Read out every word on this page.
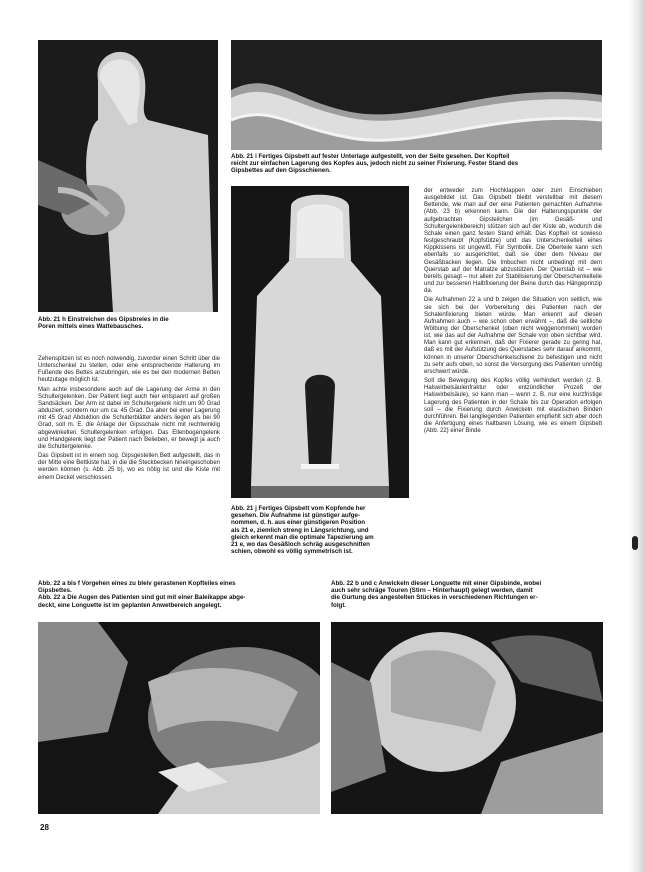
Abb. 21 i Fertiges Gipsbett auf fester Unterlage aufgestellt, von der Seite gesehen. Der Kopfteil
reicht zur einfachen Lagerung des Kopfes aus, jedoch nicht zu seiner Fixierung. Fester Stand des
Gipsbettes auf den Gipsschienen.
Abb. 21 h Einstreichen des Gipsbreies in die
Poren mittels eines Wattebausches.

Zehenspitzen ist es noch notwendig, zuvorder einen Schritt über die Unterschenkel zu stellen, oder eine entsprechende Halterung im Fußende des Bettes anzubringen, wie es bei den modernen Betten heutzutage möglich ist.

Man achte insbesondere auch auf die Lagerung der Arme in den Schultergelenken. Der Patient liegt auch hier entspannt auf großen Sandsäcken. Der Arm ist dabei im Schultergelenk nicht um 90 Grad abduziert, sondern nur um ca. 45 Grad. Da aber bei einer Lagerung mit 45 Grad Abduktion die Schulterblätter anders liegen als bei 90 Grad, soll m. E. die Anlage der Gipsschale nicht mit rechtwinklig abgewinkelten Schultergelenken erfolgen. Das Ellenbogengelenk und Handgelenk liegt der Patient nach Belieben, er bewegt ja auch die Schultergelenke.

Das Gipsbett ist in einem sog. Gipsgestellen Bett aufgestellt, das in der Mitte eine Bettkiste hat, in die die Steckbecken hineingeschoben werden können (s. Abb. 25 b), wo es nötig ist und die Kiste mit einem Deckel verschlossen.

der entweder zum Hochklappen oder zum Einschieben ausgebildet ist. Das Gipsbett bleibt verstellbar mit diesem Bettende, wie man auf der eine Patienten gemachten Aufnahme (Abb. 23 b) erkennen kann. Die der Halterungspunkte der aufgebrachten Gipsteilchen (im Gesäß- und Schultergelenkbereich) stützen sich auf der Kiste ab, wodurch die Schale einen ganz festen Stand erhält. Das Kopfteil ist sowieso festgeschraubt (Kopfstütze) und das Unterschenkelteil eines Kippkissens ist ungewiß. Für Symbolik. Die Oberteile kann sich ebenfalls so ausgerichtet, daß sie über dem Niveau der Gesäßbacken liegen. Die Imbuchen nicht unbedingt mit dem Querstab auf der Matratze abzustützen. Der Querstab ist – wie bereits gesagt – nur allein zur Stabilisierung der Oberschenkelteile und zur besseren Halbfixierung der Beine durch das Hängeprinzip da.

Die Aufnahmen 22 a und b zeigen die Situation von seitlich, wie sie sich bei der Vorbereitung des Patienten nach der Schalenfixierung bieten würde. Man erkennt auf diesen Aufnahmen auch – wie schon oben erwähnt –, daß die seitliche Wölbung der Oberschenkel (oben nicht weggenommen) worden ist, wie das auf der Aufnahme der Schale von oben sichtbar wird. Man kann gut erkennen, daß der Fixierer gerade zu gering hat, daß es mit der Aufstützung des Querstabes sehr darauf ankommt, können in unserer Oberschenkelschiene zu befestigen und nicht zu sehr aufs oben, so sonst die Versorgung des Patienten unnötig erschwert würde.

Soll die Bewegung des Kopfes völlig verhindert werden (z. B. Halswirbelsäulenfraktur oder entzündlicher Prozeß der Halswirbelsäule), so kann man – wenn z. B. nur eine kurzfristige Lagerung des Patienten in der Schale bis zur Operation erfolgen soll – die Fixierung durch Anwickeln mit elastischen Binden durchführen. Bei langliegenden Patienten empfiehlt sich aber doch die Anfertigung eines haltbaren Lösung, wie es einem Gipsbett (Abb. 22) einer Binde

Abb. 21 j Fertiges Gipsbett vom Kopfende her
gesehen. Die Aufnahme ist günstiger aufge-
nommen, d. h. aus einer günstigeren Position
als 21 e, ziemlich streng in Längsrichtung, und
gleich erkennt man die optimale Tapezierung am
21 e, wo das Gesäßloch schräg ausgeschnitten
schien, obwohl es völlig symmetrisch ist.
Abb. 22 a bis f Vorgehen eines zu bleiv gerastenen Kopfteiles eines
Gipsbettes.
Abb. 22 a Die Augen des Patienten sind gut mit einer Baleikappe abge-
deckt, eine Longuette ist im geplanten Anwetbereich angelegt.
Abb. 22 b und c Anwickeln dieser Longuette mit einer Gipsbinde, wobei
auch sehr schräge Touren (Stirn – Hinterhaupt) gelegt werden, damit
die Gurtung des angestelten Stückes in verschiedenen Richtungen er-
folgt.
28
